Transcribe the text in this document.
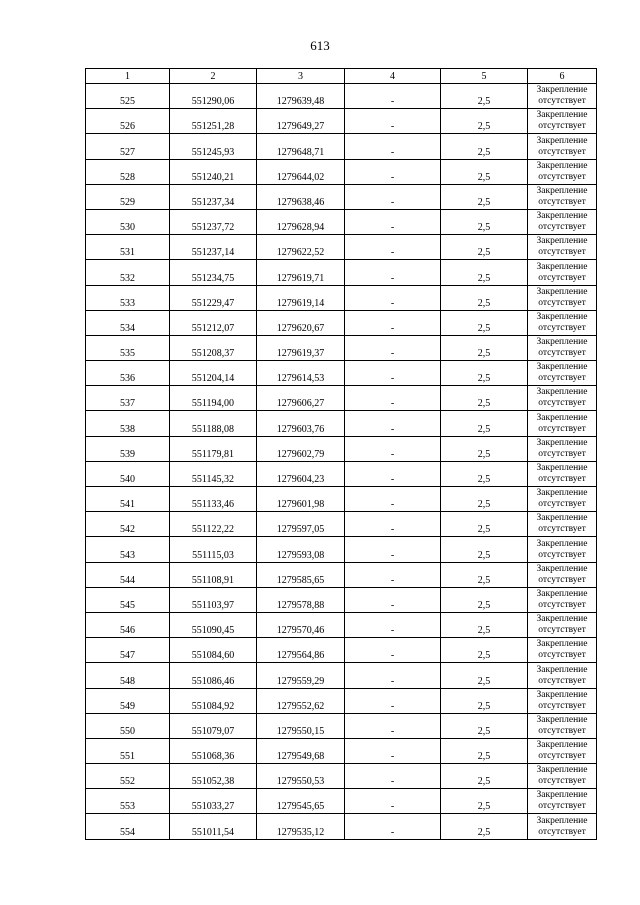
613
1	2	3	4	5	6
525	551290,06	1279639,48	-	2,5	Закрепление
отсутствует

526	551251,28	1279649,27	-	2,5	Закрепление
отсутствует

527	551245,93	1279648,71	-	2,5	Закрепление
отсутствует

528	551240,21	1279644,02	-	2,5	Закрепление
отсутствует

529	551237,34	1279638,46	-	2,5	Закрепление
отсутствует

530	551237,72	1279628,94	-	2,5	Закрепление
отсутствует

531	551237,14	1279622,52	-	2,5	Закрепление
отсутствует

532	551234,75	1279619,71	-	2,5	Закрепление
отсутствует

533	551229,47	1279619,14	-	2,5	Закрепление
отсутствует

534	551212,07	1279620,67	-	2,5	Закрепление
отсутствует

535	551208,37	1279619,37	-	2,5	Закрепление
отсутствует

536	551204,14	1279614,53	-	2,5	Закрепление
отсутствует

537	551194,00	1279606,27	-	2,5	Закрепление
отсутствует

538	551188,08	1279603,76	-	2,5	Закрепление
отсутствует

539	551179,81	1279602,79	-	2,5	Закрепление
отсутствует

540	551145,32	1279604,23	-	2,5	Закрепление
отсутствует

541	551133,46	1279601,98	-	2,5	Закрепление
отсутствует

542	551122,22	1279597,05	-	2,5	Закрепление
отсутствует

543	551115,03	1279593,08	-	2,5	Закрепление
отсутствует

544	551108,91	1279585,65	-	2,5	Закрепление
отсутствует

545	551103,97	1279578,88	-	2,5	Закрепление
отсутствует

546	551090,45	1279570,46	-	2,5	Закрепление
отсутствует

547	551084,60	1279564,86	-	2,5	Закрепление
отсутствует

548	551086,46	1279559,29	-	2,5	Закрепление
отсутствует

549	551084,92	1279552,62	-	2,5	Закрепление
отсутствует

550	551079,07	1279550,15	-	2,5	Закрепление
отсутствует

551	551068,36	1279549,68	-	2,5	Закрепление
отсутствует

552	551052,38	1279550,53	-	2,5	Закрепление
отсутствует

553	551033,27	1279545,65	-	2,5	Закрепление
отсутствует

554	551011,54	1279535,12	-	2,5	Закрепление
отсутствует
